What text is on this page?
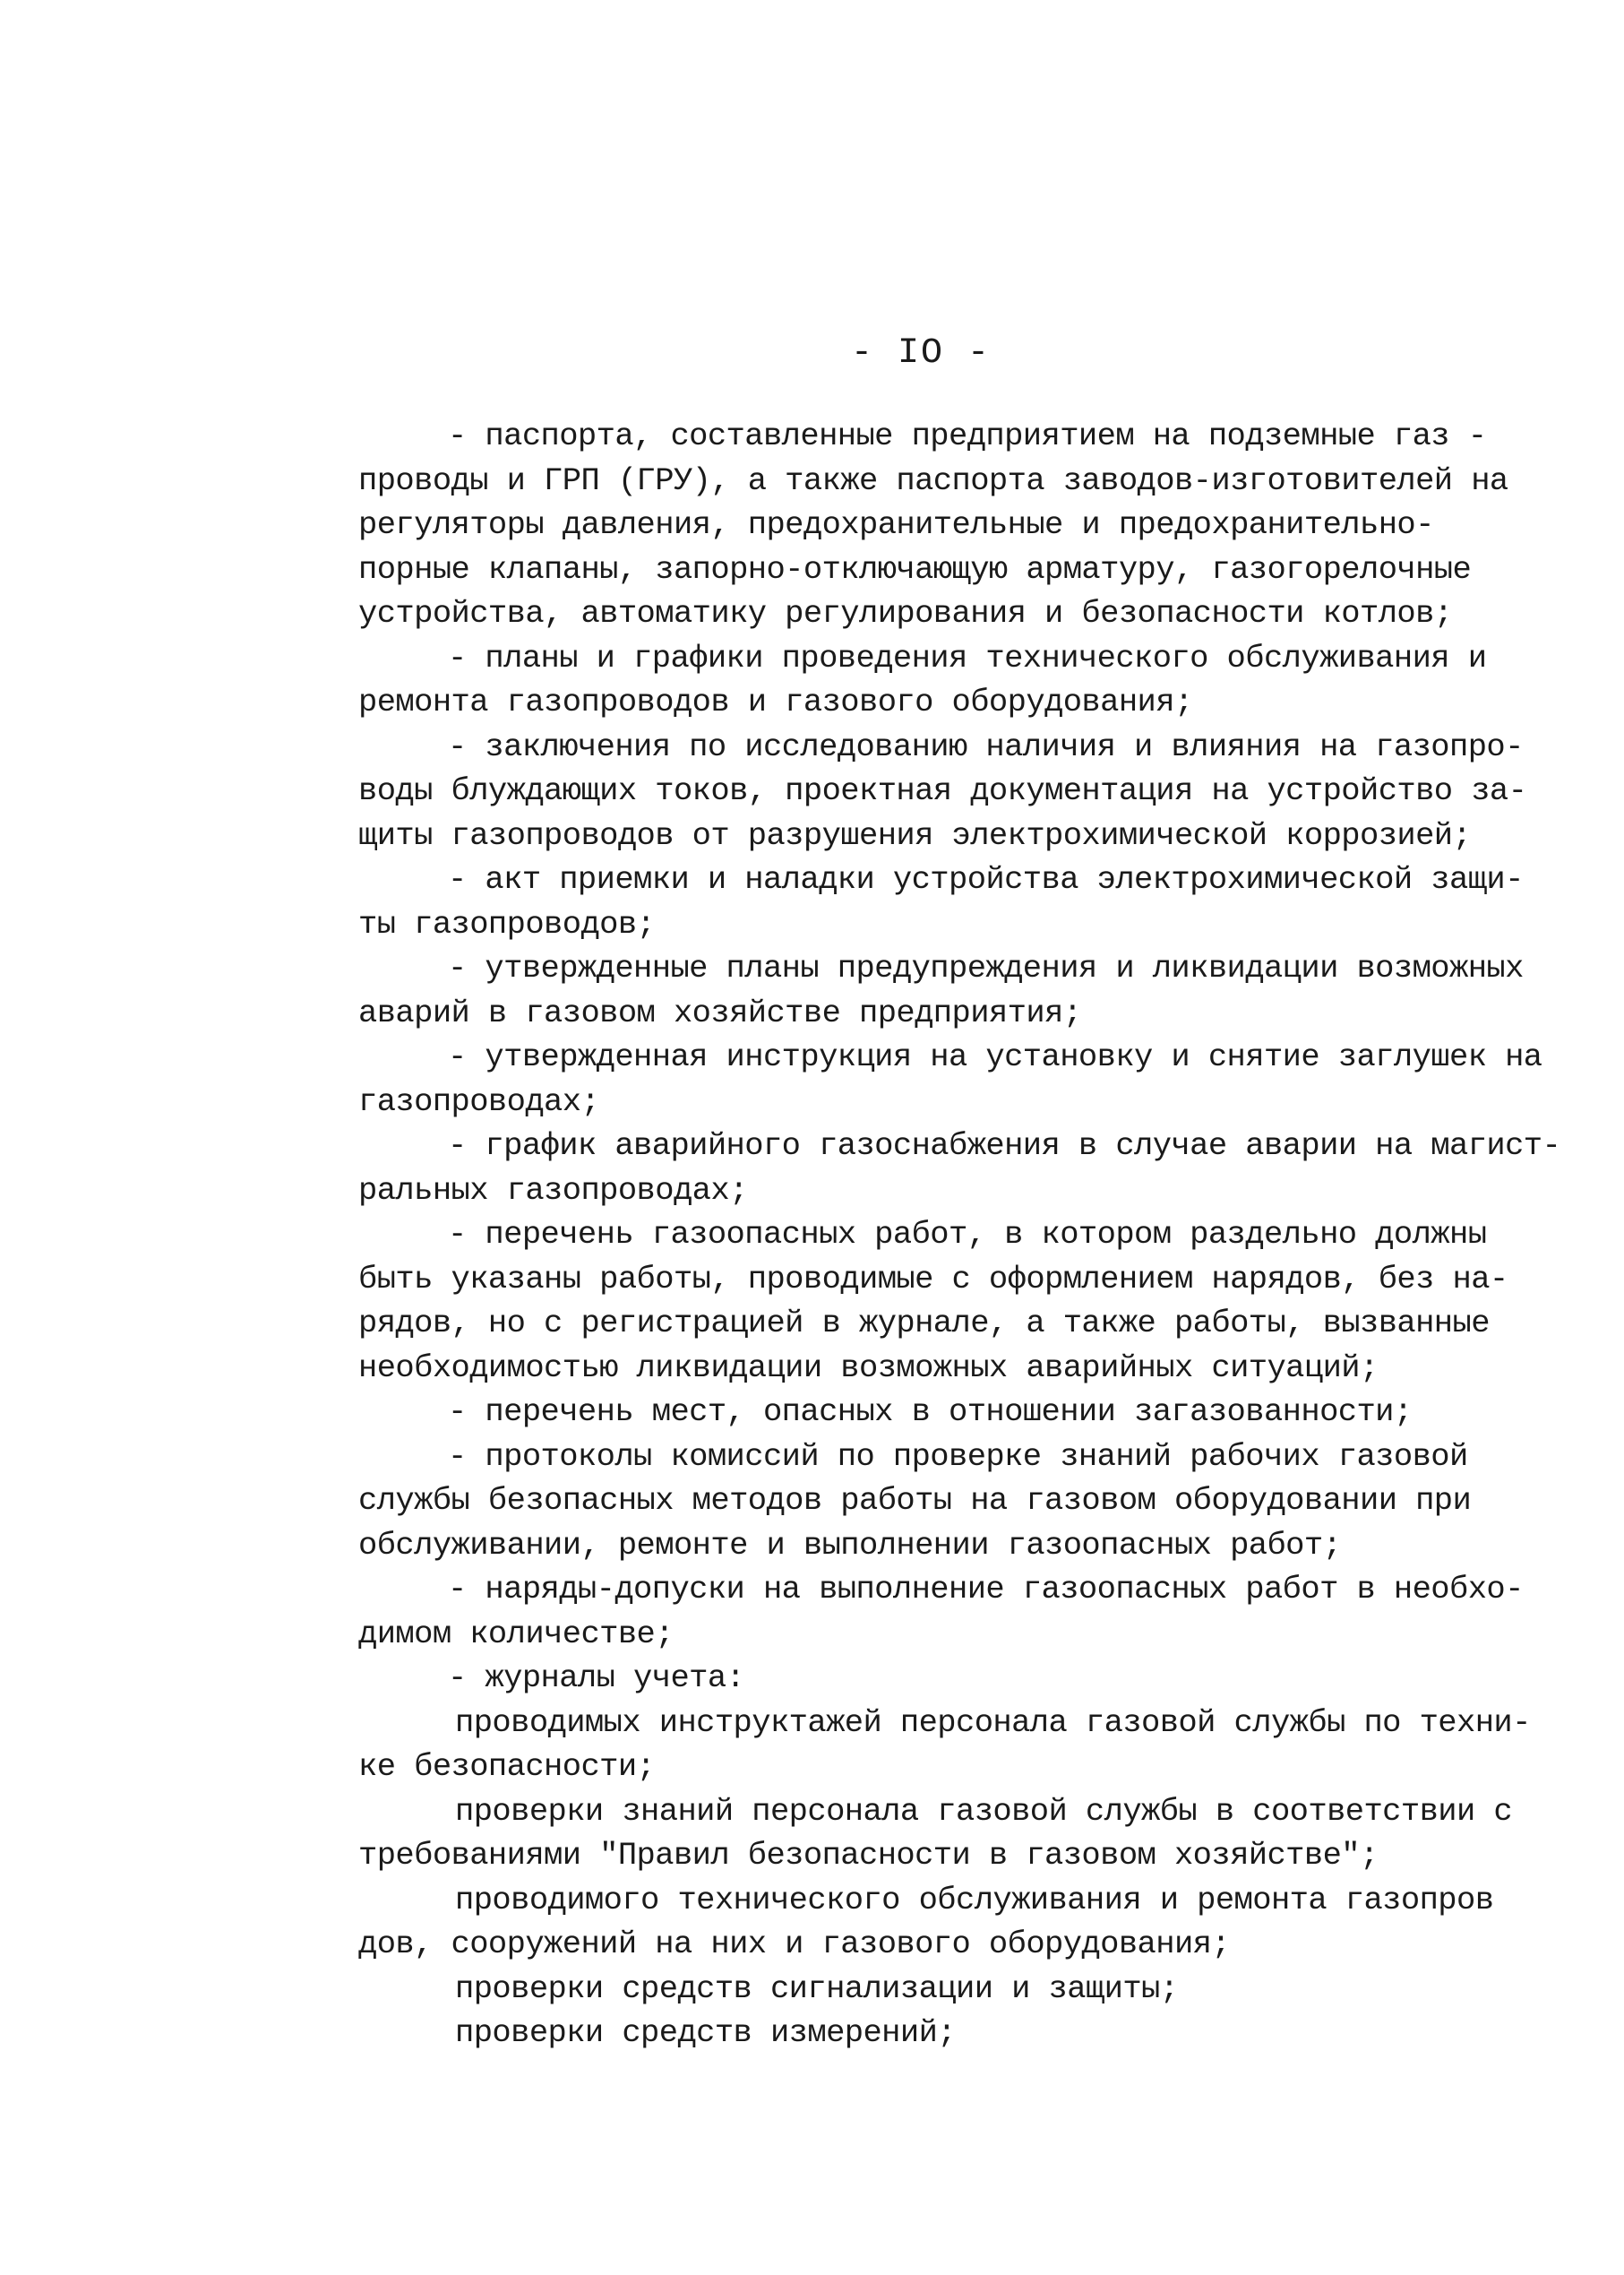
- IO -
- паспорта, составленные предприятием на подземные газ -
проводы и ГРП (ГРУ), а также паспорта заводов-изготовителей на
регуляторы давления, предохранительные и предохранительно-
порные клапаны, запорно-отключающую арматуру, газогорелочные
устройства, автоматику регулирования и безопасности котлов;
- планы и графики проведения технического обслуживания и
ремонта газопроводов и газового оборудования;
- заключения по исследованию наличия и влияния на газопро-
воды блуждающих токов, проектная документация на устройство за-
щиты газопроводов от разрушения электрохимической коррозией;
- акт приемки и наладки устройства электрохимической защи-
ты газопроводов;
- утвержденные планы предупреждения и ликвидации возможных
аварий в газовом хозяйстве предприятия;
- утвержденная инструкция на установку и снятие заглушек на
газопроводах;
- график аварийного газоснабжения в случае аварии на магист-
ральных газопроводах;
- перечень газоопасных работ, в котором раздельно должны
быть указаны работы, проводимые с оформлением нарядов, без на-
рядов, но с регистрацией в журнале, а также работы, вызванные
необходимостью ликвидации возможных аварийных ситуаций;
- перечень мест, опасных в отношении загазованности;
- протоколы комиссий по проверке знаний рабочих газовой
службы безопасных методов работы на газовом оборудовании при
обслуживании, ремонте и выполнении газоопасных работ;
- наряды-допуски на выполнение газоопасных работ в необхо-
димом количестве;
- журналы учета:
проводимых инструктажей персонала газовой службы по техни-
ке безопасности;
проверки знаний персонала газовой службы в соответствии с
требованиями "Правил безопасности в газовом хозяйстве";
проводимого технического обслуживания и ремонта газопров
дов, сооружений на них и газового оборудования;
проверки средств сигнализации и защиты;
проверки средств измерений;
